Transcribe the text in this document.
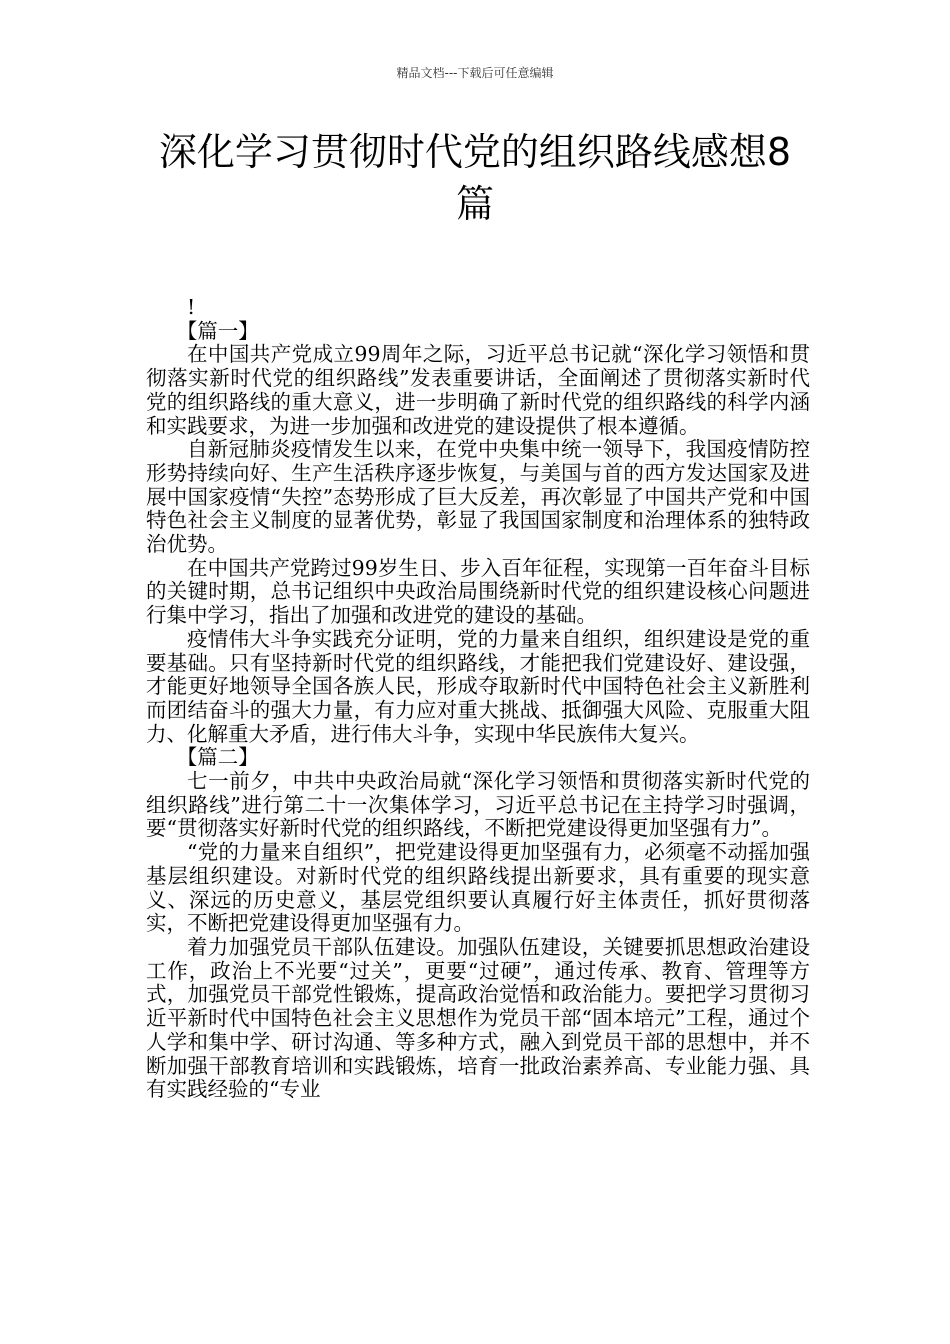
精品文档---下载后可任意编辑
深化学习贯彻时代党的组织路线感想8篇

!

【篇一】

在中国共产党成立99周年之际，习近平总书记就“深化学习领悟和贯彻落实新时代党的组织路线”发表重要讲话，全面阐述了贯彻落实新时代党的组织路线的重大意义，进一步明确了新时代党的组织路线的科学内涵和实践要求，为进一步加强和改进党的建设提供了根本遵循。

自新冠肺炎疫情发生以来，在党中央集中统一领导下，我国疫情防控形势持续向好、生产生活秩序逐步恢复，与美国与首的西方发达国家及进展中国家疫情“失控”态势形成了巨大反差，再次彰显了中国共产党和中国特色社会主义制度的显著优势，彰显了我国国家制度和治理体系的独特政治优势。

在中国共产党跨过99岁生日、步入百年征程，实现第一百年奋斗目标的关键时期，总书记组织中央政治局围绕新时代党的组织建设核心问题进行集中学习，指出了加强和改进党的建设的基础。

疫情伟大斗争实践充分证明，党的力量来自组织，组织建设是党的重要基础。只有坚持新时代党的组织路线，才能把我们党建设好、建设强，才能更好地领导全国各族人民，形成夺取新时代中国特色社会主义新胜利而团结奋斗的强大力量，有力应对重大挑战、抵御强大风险、克服重大阻力、化解重大矛盾，进行伟大斗争，实现中华民族伟大复兴。

【篇二】

七一前夕，中共中央政治局就“深化学习领悟和贯彻落实新时代党的组织路线”进行第二十一次集体学习，习近平总书记在主持学习时强调，要“贯彻落实好新时代党的组织路线，不断把党建设得更加坚强有力”。

“党的力量来自组织”，把党建设得更加坚强有力，必须毫不动摇加强基层组织建设。对新时代党的组织路线提出新要求，具有重要的现实意义、深远的历史意义，基层党组织要认真履行好主体责任，抓好贯彻落实，不断把党建设得更加坚强有力。

着力加强党员干部队伍建设。加强队伍建设，关键要抓思想政治建设工作，政治上不光要“过关”，更要“过硬”，通过传承、教育、管理等方式，加强党员干部党性锻炼，提高政治觉悟和政治能力。要把学习贯彻习近平新时代中国特色社会主义思想作为党员干部“固本培元”工程，通过个人学和集中学、研讨沟通、等多种方式，融入到党员干部的思想中，并不断加强干部教育培训和实践锻炼，培育一批政治素养高、专业能力强、具有实践经验的“专业
